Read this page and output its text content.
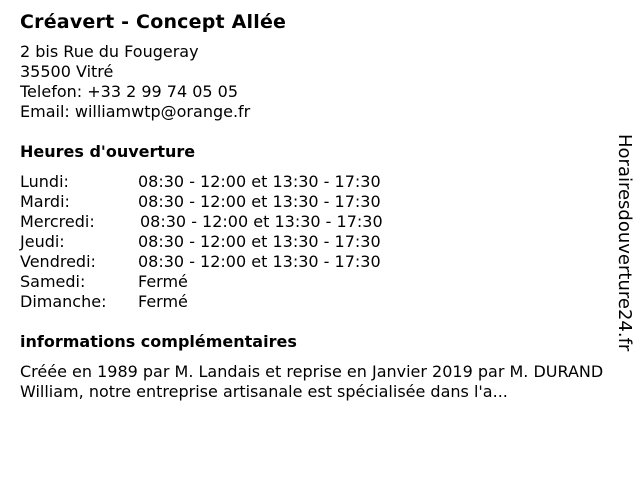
Créavert - Concept Allée
2 bis Rue du Fougeray
35500 Vitré
Telefon: +33 2 99 74 05 05
Email: williamwtp@orange.fr
Heures d'ouverture
Lundi:	08:30 - 12:00 et 13:30 - 17:30
Mardi:	08:30 - 12:00 et 13:30 - 17:30
Mercredi:	08:30 - 12:00 et 13:30 - 17:30
Jeudi:	08:30 - 12:00 et 13:30 - 17:30
Vendredi:	08:30 - 12:00 et 13:30 - 17:30
Samedi:	Fermé
Dimanche:	Fermé
informations complémentaires
Créée en 1989 par M. Landais et reprise en Janvier 2019 par M. DURAND William, notre entreprise artisanale est spécialisée dans l'a...
Horairesdouverture24.fr
